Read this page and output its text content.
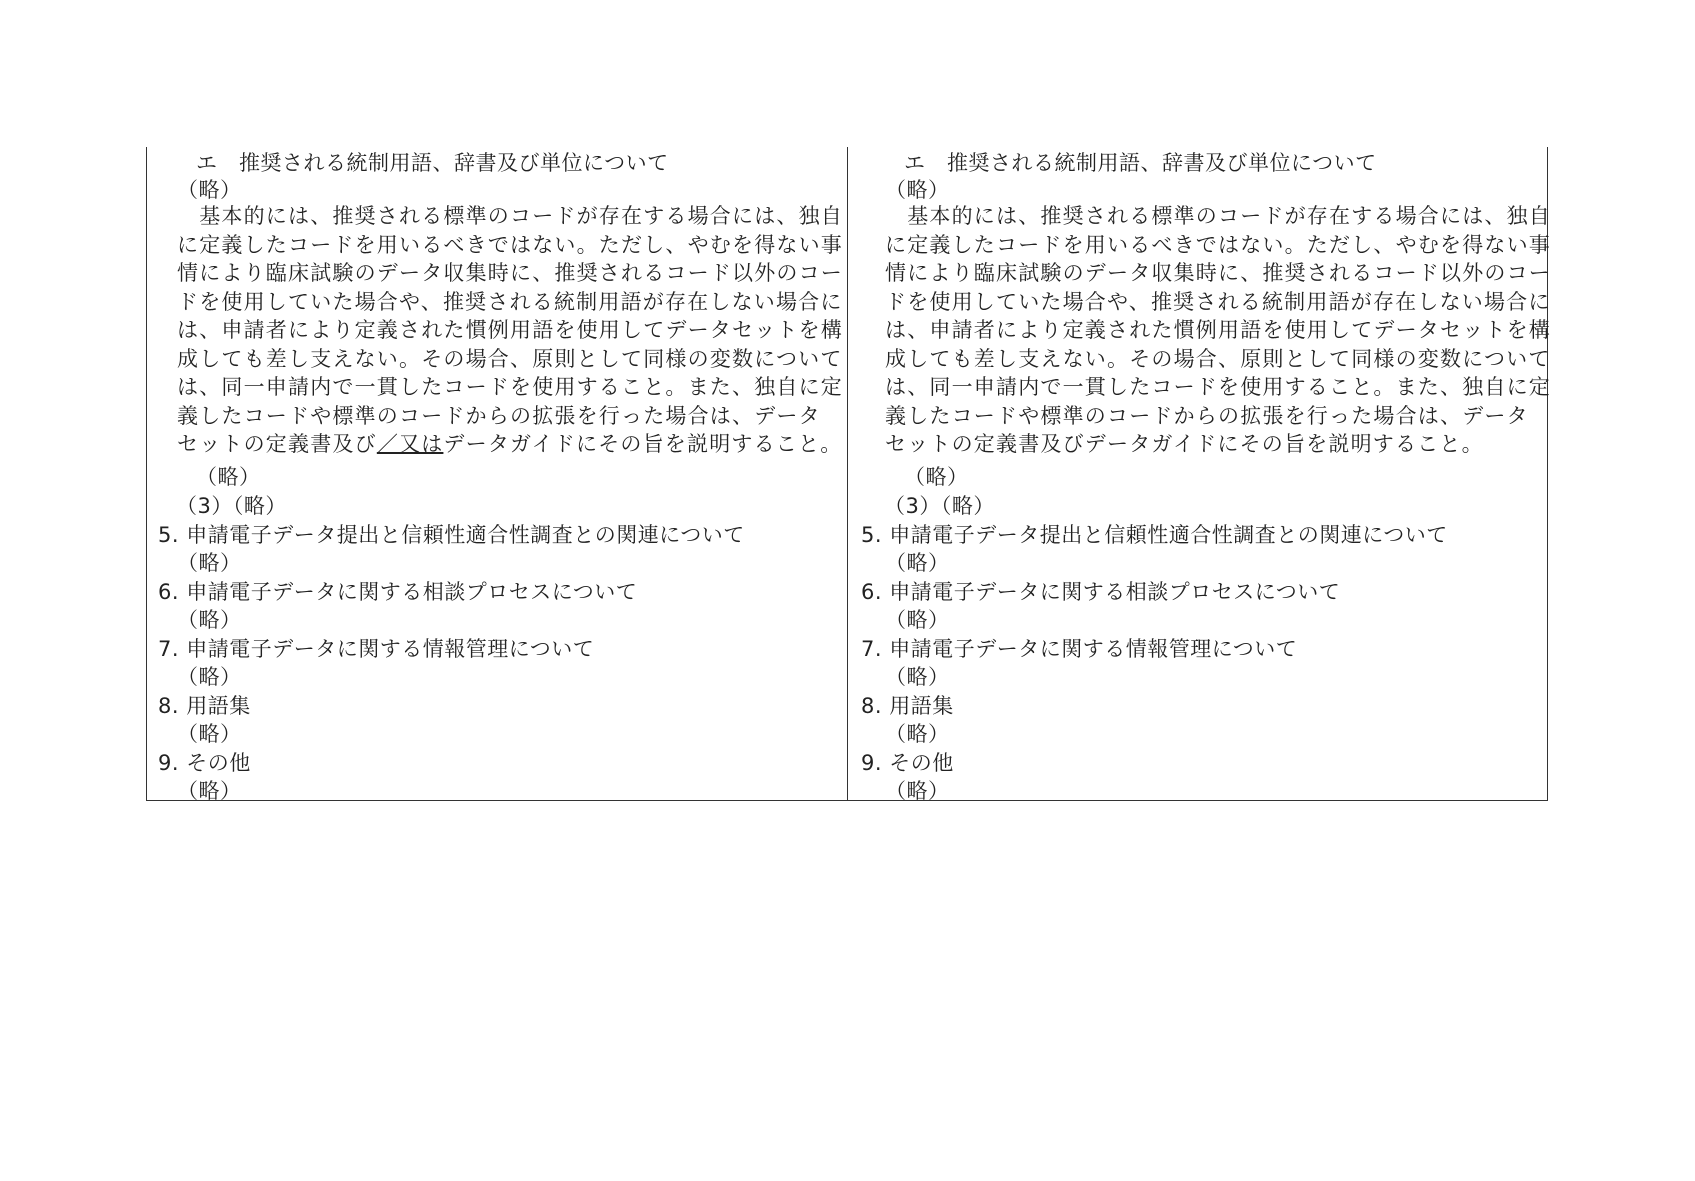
エ　推奨される統制用語、辞書及び単位について
（略）
　基本的には、推奨される標準のコードが存在する場合には、独自
に定義したコードを用いるべきではない。ただし、やむを得ない事
情により臨床試験のデータ収集時に、推奨されるコード以外のコー
ドを使用していた場合や、推奨される統制用語が存在しない場合に
は、申請者により定義された慣例用語を使用してデータセットを構
成しても差し支えない。その場合、原則として同様の変数について
は、同一申請内で一貫したコードを使用すること。また、独自に定
義したコードや標準のコードからの拡張を行った場合は、データ
セットの定義書及び／又はデータガイドにその旨を説明すること。
（略）
（3）（略）
5. 申請電子データ提出と信頼性適合性調査との関連について
（略）
6. 申請電子データに関する相談プロセスについて
（略）
7. 申請電子データに関する情報管理について
（略）
8. 用語集
（略）
9. その他
（略）
エ　推奨される統制用語、辞書及び単位について
（略）
　基本的には、推奨される標準のコードが存在する場合には、独自
に定義したコードを用いるべきではない。ただし、やむを得ない事
情により臨床試験のデータ収集時に、推奨されるコード以外のコー
ドを使用していた場合や、推奨される統制用語が存在しない場合に
は、申請者により定義された慣例用語を使用してデータセットを構
成しても差し支えない。その場合、原則として同様の変数について
は、同一申請内で一貫したコードを使用すること。また、独自に定
義したコードや標準のコードからの拡張を行った場合は、データ
セットの定義書及びデータガイドにその旨を説明すること。
（略）
（3）（略）
5. 申請電子データ提出と信頼性適合性調査との関連について
（略）
6. 申請電子データに関する相談プロセスについて
（略）
7. 申請電子データに関する情報管理について
（略）
8. 用語集
（略）
9. その他
（略）
